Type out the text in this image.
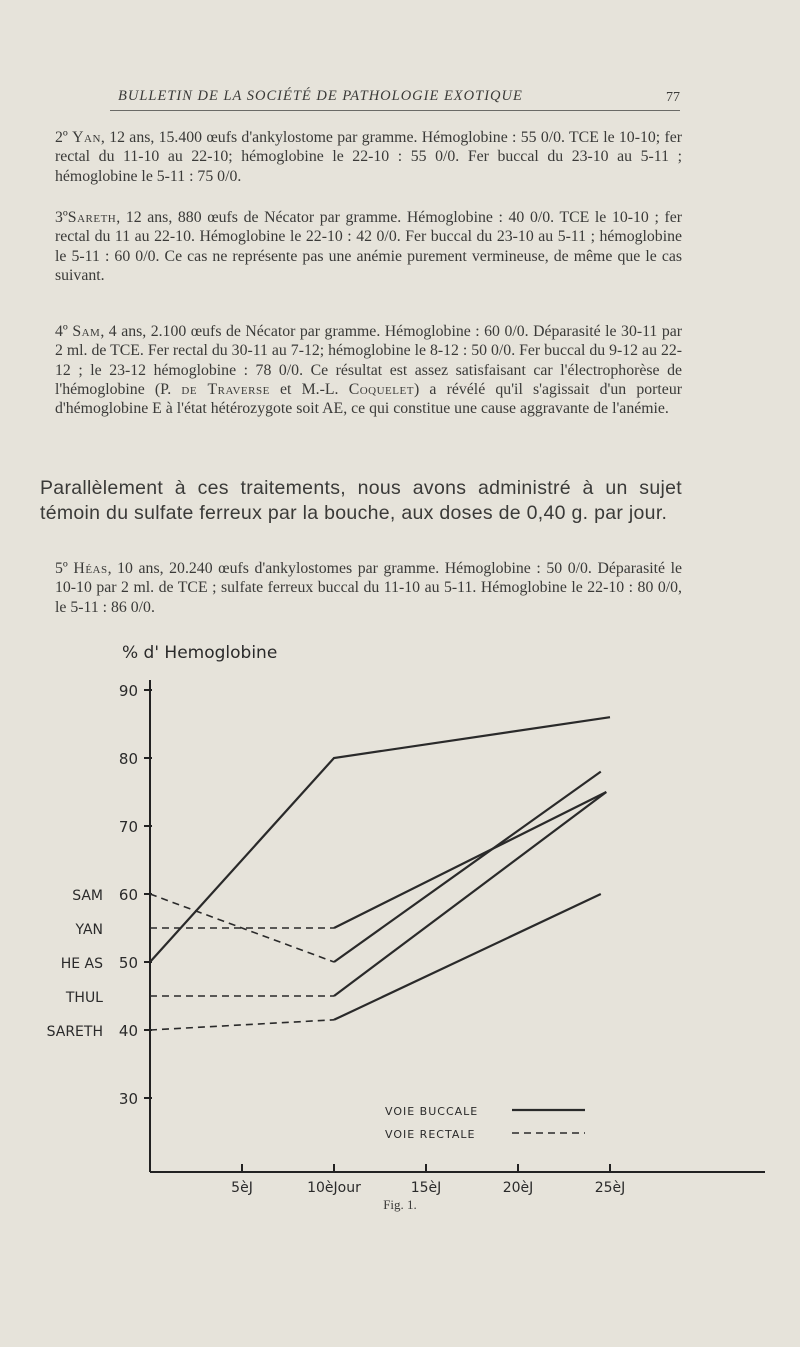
BULLETIN DE LA SOCIÉTÉ DE PATHOLOGIE EXOTIQUE	77

2º Yan, 12 ans, 15.400 œufs d'ankylostome par gramme. Hémoglobine : 55 0/0. TCE le 10-10; fer rectal du 11-10 au 22-10; hémoglobine le 22-10 : 55 0/0. Fer buccal du 23-10 au 5-11 ; hémoglobine le 5-11 : 75 0/0.

3ºSareth, 12 ans, 880 œufs de Nécator par gramme. Hémoglobine : 40 0/0. TCE le 10-10 ; fer rectal du 11 au 22-10. Hémoglobine le 22-10 : 42 0/0. Fer buccal du 23-10 au 5-11 ; hémoglobine le 5-11 : 60 0/0. Ce cas ne représente pas une anémie purement vermineuse, de même que le cas suivant.

4º Sam, 4 ans, 2.100 œufs de Nécator par gramme. Hémoglobine : 60 0/0. Déparasité le 30-11 par 2 ml. de TCE. Fer rectal du 30-11 au 7-12; hémoglobine le 8-12 : 50 0/0. Fer buccal du 9-12 au 22-12 ; le 23-12 hémoglobine : 78 0/0. Ce résultat est assez satisfaisant car l'électrophorèse de l'hémoglobine (P. de Traverse et M.-L. Coquelet) a révélé qu'il s'agissait d'un porteur d'hémoglobine E à l'état hétérozygote soit AE, ce qui constitue une cause aggravante de l'anémie.

Parallèlement à ces traitements, nous avons administré à un sujet témoin du sulfate ferreux par la bouche, aux doses de 0,40 g. par jour.

5º Héas, 10 ans, 20.240 œufs d'ankylostomes par gramme. Hémoglobine : 50 0/0. Déparasité le 10-10 par 2 ml. de TCE ; sulfate ferreux buccal du 11-10 au 5-11. Hémoglobine le 22-10 : 80 0/0, le 5-11 : 86 0/0.

% d' Hemoglobine
90
80
70
60
50
40
30
5èJ	10èJour	15èJ	20èJ	25èJ
SAM
YAN
HE AS
THUL
SARETH
VOIE BUCCALE
VOIE RECTALE
Fig. 1.
